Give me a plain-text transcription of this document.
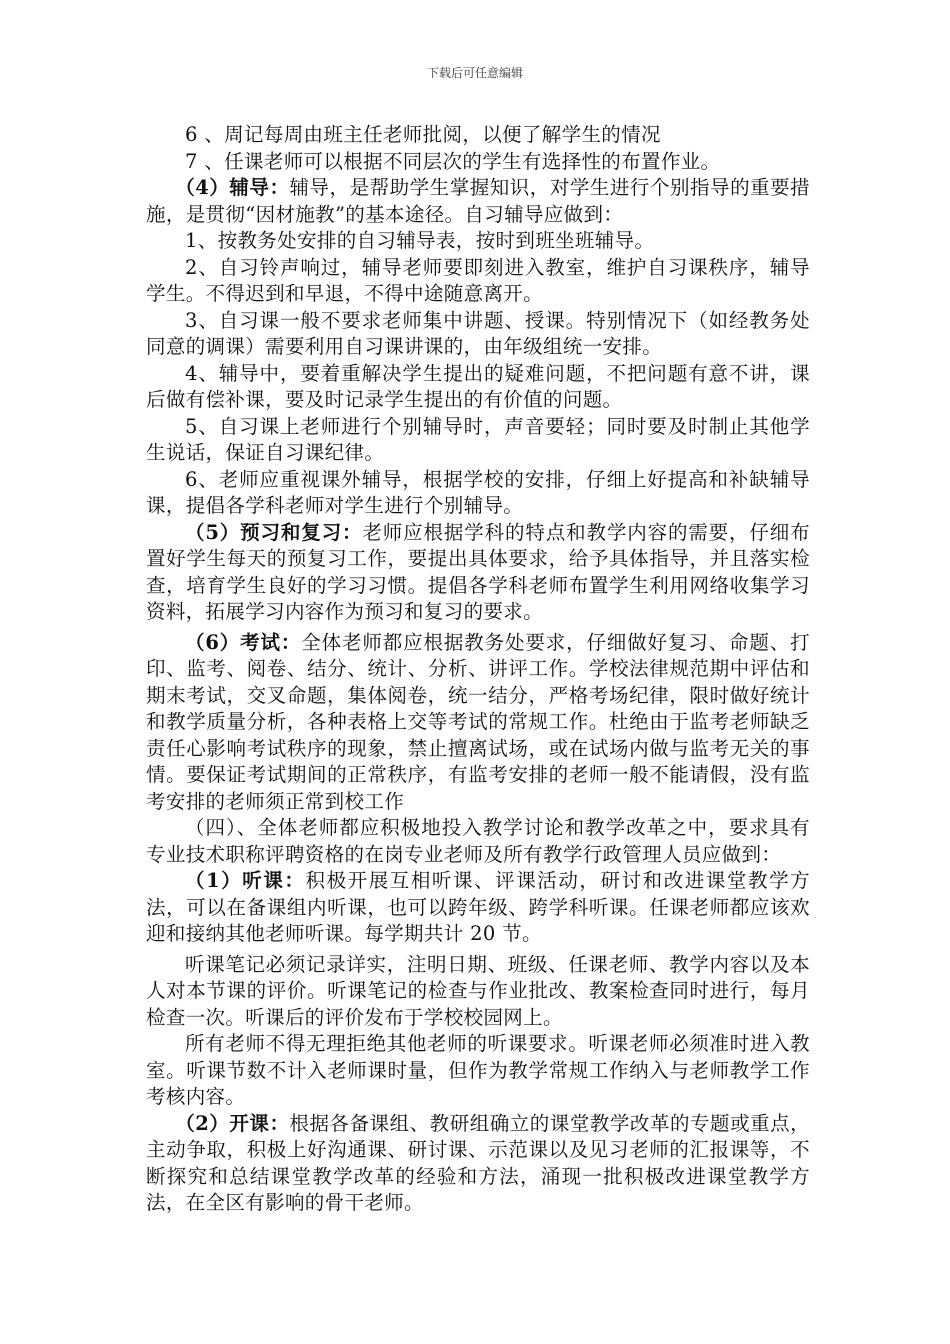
下载后可任意编辑

6 、周记每周由班主任老师批阅，以便了解学生的情况

7 、任课老师可以根据不同层次的学生有选择性的布置作业。

（4）辅导：辅导，是帮助学生掌握知识，对学生进行个别指导的重要措施，是贯彻“因材施教”的基本途径。自习辅导应做到：

1、按教务处安排的自习辅导表，按时到班坐班辅导。

2、自习铃声响过，辅导老师要即刻进入教室，维护自习课秩序，辅导学生。不得迟到和早退，不得中途随意离开。

3、自习课一般不要求老师集中讲题、授课。特别情况下（如经教务处同意的调课）需要利用自习课讲课的，由年级组统一安排。

4、辅导中，要着重解决学生提出的疑难问题，不把问题有意不讲，课后做有偿补课，要及时记录学生提出的有价值的问题。

5、自习课上老师进行个别辅导时，声音要轻；同时要及时制止其他学生说话，保证自习课纪律。

6、老师应重视课外辅导，根据学校的安排，仔细上好提高和补缺辅导课，提倡各学科老师对学生进行个别辅导。

（5）预习和复习：老师应根据学科的特点和教学内容的需要，仔细布置好学生每天的预复习工作，要提出具体要求，给予具体指导，并且落实检查，培育学生良好的学习习惯。提倡各学科老师布置学生利用网络收集学习资料，拓展学习内容作为预习和复习的要求。

（6）考试：全体老师都应根据教务处要求，仔细做好复习、命题、打印、监考、阅卷、结分、统计、分析、讲评工作。学校法律规范期中评估和期末考试，交叉命题，集体阅卷，统一结分，严格考场纪律，限时做好统计和教学质量分析，各种表格上交等考试的常规工作。杜绝由于监考老师缺乏责任心影响考试秩序的现象，禁止擅离试场，或在试场内做与监考无关的事情。要保证考试期间的正常秩序，有监考安排的老师一般不能请假，没有监考安排的老师须正常到校工作

（四）、全体老师都应积极地投入教学讨论和教学改革之中，要求具有专业技术职称评聘资格的在岗专业老师及所有教学行政管理人员应做到：

（1）听课：积极开展互相听课、评课活动，研讨和改进课堂教学方法，可以在备课组内听课，也可以跨年级、跨学科听课。任课老师都应该欢迎和接纳其他老师听课。每学期共计 20 节。

听课笔记必须记录详实，注明日期、班级、任课老师、教学内容以及本人对本节课的评价。听课笔记的检查与作业批改、教案检查同时进行，每月检查一次。听课后的评价发布于学校校园网上。

所有老师不得无理拒绝其他老师的听课要求。听课老师必须准时进入教室。听课节数不计入老师课时量，但作为教学常规工作纳入与老师教学工作考核内容。

（2）开课：根据各备课组、教研组确立的课堂教学改革的专题或重点，主动争取，积极上好沟通课、研讨课、示范课以及见习老师的汇报课等，不断探究和总结课堂教学改革的经验和方法，涌现一批积极改进课堂教学方法，在全区有影响的骨干老师。
